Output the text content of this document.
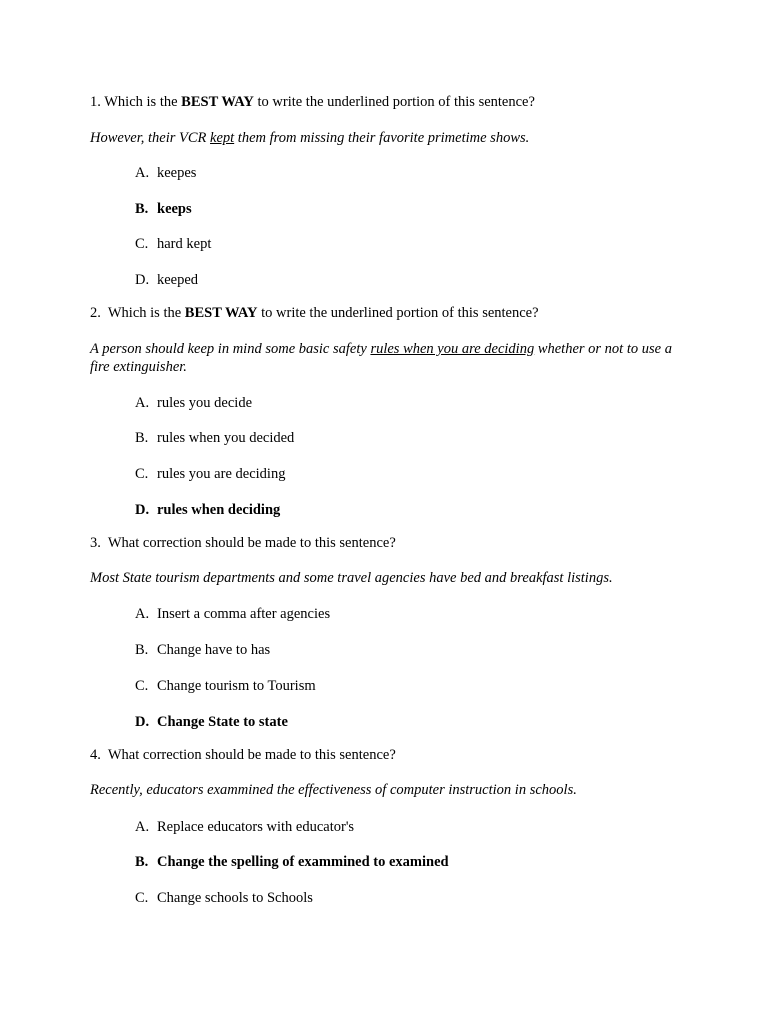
1. Which is the BEST WAY to write the underlined portion of this sentence?
However, their VCR kept them from missing their favorite primetime shows.
A. keepes
B. keeps
C. hard kept
D. keeped
2. Which is the BEST WAY to write the underlined portion of this sentence?
A person should keep in mind some basic safety rules when you are deciding whether or not to use a fire extinguisher.
A. rules you decide
B. rules when you decided
C. rules you are deciding
D. rules when deciding
3. What correction should be made to this sentence?
Most State tourism departments and some travel agencies have bed and breakfast listings.
A. Insert a comma after agencies
B. Change have to has
C. Change tourism to Tourism
D. Change State to state
4. What correction should be made to this sentence?
Recently, educators exammined the effectiveness of computer instruction in schools.
A. Replace educators with educator's
B. Change the spelling of exammined to examined
C. Change schools to Schools
